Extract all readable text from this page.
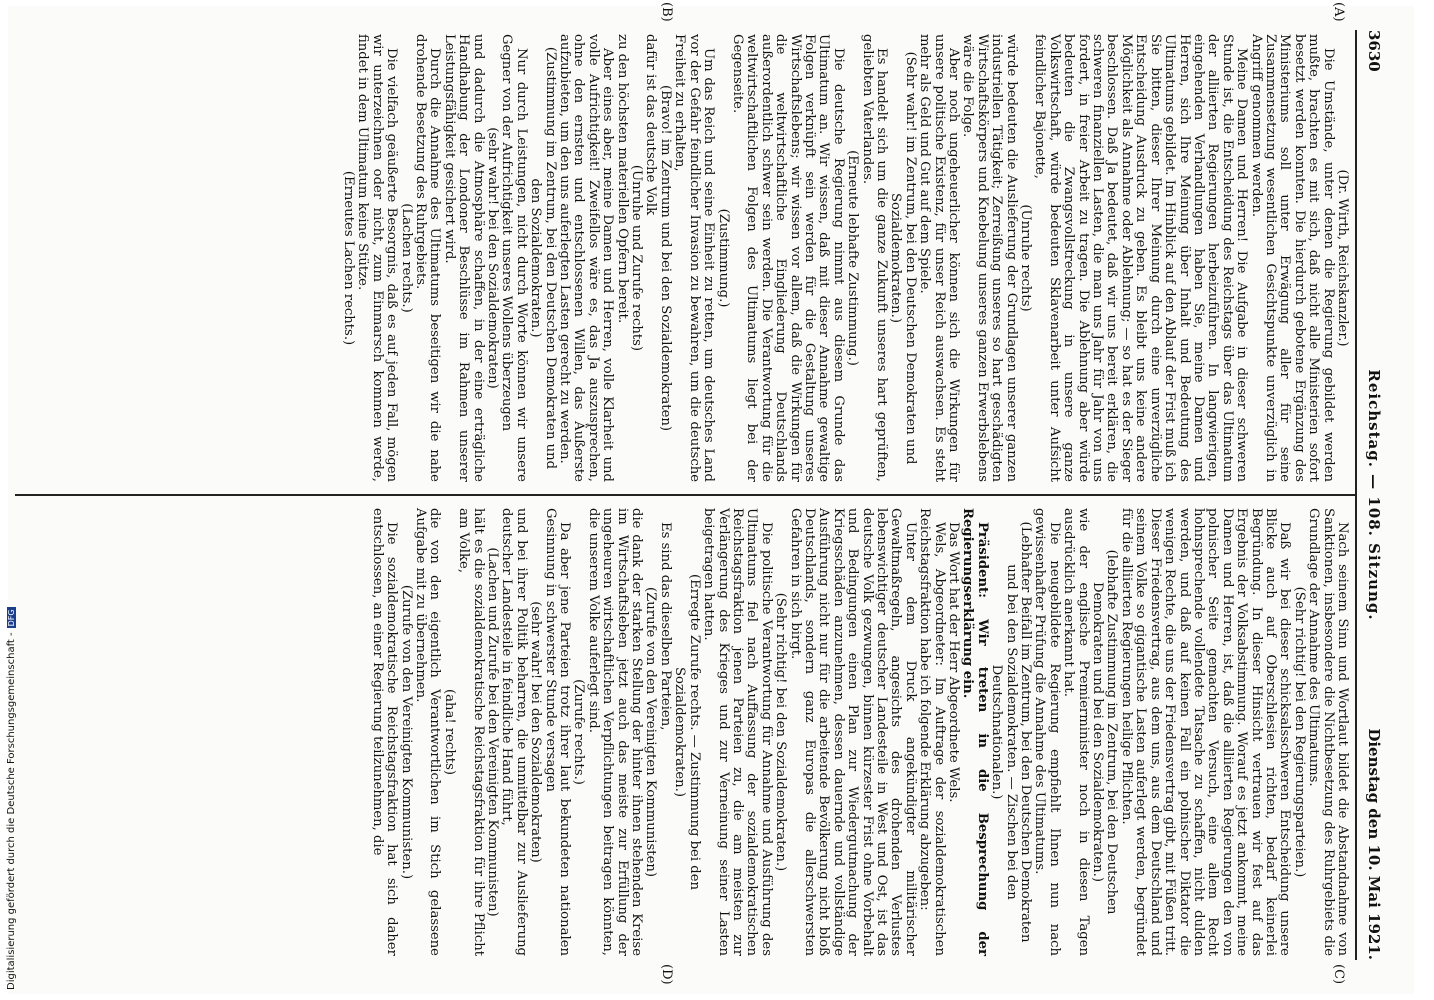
3630
Reichstag. — 108. Sitzung.
Dienstag den 10. Mai 1921.
(A)
(B)
(C)
(D)

(Dr. Wirth, Reichskanzler.)

Die Umstände, unter denen die Regierung gebildet werden mußte, brachten es mit sich, daß nicht alle Ministerien sofort besetzt werden konnten. Die hierdurch gebotene Ergänzung des Ministeriums soll unter Erwägung aller für seine Zusammensetzung wesentlichen Gesichtspunkte unverzüglich in Angriff genommen werden.

Meine Damen und Herren! Die Aufgabe in dieser schweren Stunde ist, die Entscheidung des Reichstags über das Ultimatum der alliierten Regierungen herbeizuführen. In langwierigen, eingehenden Verhandlungen haben Sie, meine Damen und Herren, sich Ihre Meinung über Inhalt und Bedeutung des Ultimatums gebildet. Im Hinblick auf den Ablauf der Frist muß ich Sie bitten, dieser Ihrer Meinung durch eine unverzügliche Entscheidung Ausdruck zu geben. Es bleibt uns keine andere Möglichkeit als Annahme oder Ablehnung; — so hat es der Sieger beschlossen. Daß Ja bedeutet, daß wir uns bereit erklären, die schweren finanziellen Lasten, die man uns Jahr für Jahr von uns fordert, in freier Arbeit zu tragen. Die Ablehnung aber würde bedeuten die Zwangsvollstreckung in unsere ganze Volkswirtschaft, würde bedeuten Sklavenarbeit unter Aufsicht feindlicher Bajonette,

(Unruhe rechts)

würde bedeuten die Auslieferung der Grundlagen unserer ganzen industriellen Tätigkeit; Zerreißung unseres so hart geschädigten Wirtschaftskörpers und Knebelung unseres ganzen Erwerbslebens wäre die Folge.

Aber noch ungeheuerlicher können sich die Wirkungen für unsere politische Existenz, für unser Reich auswachsen. Es steht mehr als Geld und Gut auf dem Spiele.

(Sehr wahr! im Zentrum, bei den Deutschen Demokraten und Sozialdemokraten.)

Es handelt sich um die ganze Zukunft unseres hart geprüften, geliebten Vaterlandes.

(Erneute lebhafte Zustimmung.)

Die deutsche Regierung nimmt aus diesem Grunde das Ultimatum an. Wir wissen, daß mit dieser Annahme gewaltige Folgen verknüpft sein werden für die Gestaltung unseres Wirtschaftslebens; wir wissen vor allem, daß die Wirkungen für die weltwirtschaftliche Eingliederung Deutschlands außerordentlich schwer sein werden. Die Verantwortung für die weltwirtschaftlichen Folgen des Ultimatums liegt bei der Gegenseite.

(Zustimmung.)

Um das Reich und seine Einheit zu retten, um deutsches Land vor der Gefahr feindlicher Invasion zu bewahren, um die deutsche Freiheit zu erhalten,

(Bravo! im Zentrum und bei den Sozialdemokraten)

dafür ist das deutsche Volk

(Unruhe und Zurufe rechts)

zu den höchsten materiellen Opfern bereit.

Aber eines aber, meine Damen und Herren, volle Klarheit und volle Aufrichtigkeit! Zweifellos wäre es, das Ja auszusprechen, ohne den ernsten und entschlossenen Willen, das Äußerste aufzubieten, um den uns auferlegten Lasten gerecht zu werden.

(Zustimmung im Zentrum, bei den Deutschen Demokraten und den Sozialdemokraten.)

Nur durch Leistungen, nicht durch Worte können wir unsere Gegner von der Aufrichtigkeit unseres Wollens überzeugen

(sehr wahr! bei den Sozialdemokraten)

und dadurch die Atmosphäre schaffen, in der eine erträgliche Handhabung der Londoner Beschlüsse im Rahmen unserer Leistungsfähigkeit gesichert wird.

Durch die Annahme des Ultimatums beseitigen wir die nahe drohende Besetzung des Ruhrgebiets.

(Lachen rechts.)

Die vielfach geäußerte Besorgnis, daß es auf jeden Fall, mögen wir unterzeichnen oder nicht, zum Einmarsch kommen werde, findet in dem Ultimatum keine Stütze.

(Erneutes Lachen rechts.)

Nach seinem Sinn und Wortlaut bildet die Abstandnahme von Sanktionen, insbesondere die Nichtbesetzung des Ruhrgebiets die Grundlage der Annahme des Ultimatums.

(Sehr richtig! bei den Regierungsparteien.)

Daß wir bei dieser schicksalsschweren Entscheidung unsere Blicke auch auf Oberschlesien richten, bedarf keinerlei Begründung. In dieser Hinsicht vertrauen wir fest auf das Ergebnis der Volksabstimmung. Worauf es jetzt ankommt, meine Damen und Herren, ist, daß die alliierten Regierungen den von polnischer Seite gemachten Versuch, eine allem Recht hohnsprechende vollendete Tatsache zu schaffen, nicht dulden werden, und daß auf keinen Fall ein polnischer Diktator die wenigen Rechte, die uns der Friedensvertrag gibt, mit Füßen tritt. Dieser Friedensvertrag, aus dem uns, aus dem Deutschland und seinem Volke so gigantische Lasten auferlegt werden, begründet für die alliierten Regierungen heilige Pflichten.

(lebhafte Zustimmung im Zentrum, bei den Deutschen Demokraten und bei den Sozialdemokraten.)

wie der englische Premierminister noch in diesen Tagen ausdrücklich anerkannt hat.

Die neugebildete Regierung empfiehlt Ihnen nun nach gewissenhafter Prüfung die Annahme des Ultimatums.

(Lebhafter Beifall im Zentrum, bei den Deutschen Demokraten und bei den Sozialdemokraten. — Zischen bei den Deutschnationalen.)

Präsident: Wir treten in die Besprechung der Regierungserklärung ein.

Das Wort hat der Herr Abgeordnete Wels.

Wels, Abgeordneter: Im Auftrage der sozialdemokratischen Reichstagsfraktion habe ich folgende Erklärung abzugeben:

Unter dem Druck angekündigter militärischer Gewaltmaßregeln, angesichts des drohenden Verlustes lebenswichtiger deutscher Landesteile in West und Ost, ist das deutsche Volk gezwungen, binnen kürzester Frist ohne Vorbehalt und Bedingungen einen Plan zur Wiedergutmachung der Kriegsschäden anzunehmen, dessen dauernde und vollständige Ausführung nicht nur für die arbeitende Bevölkerung nicht bloß Deutschlands, sondern ganz Europas die allerschwersten Gefahren in sich birgt.

(Sehr richtig! bei den Sozialdemokraten.)

Die politische Verantwortung für Annahme und Ausführung des Ultimatums fiel nach Auffassung der sozialdemokratischen Reichstagsfraktion jenen Parteien zu, die am meisten zur Verlängerung des Krieges und zur Verneinung seiner Lasten beigetragen hatten.

(Erregte Zurufe rechts. — Zustimmung bei den Sozialdemokraten.)

Es sind das dieselben Parteien,

(Zurufe von den Vereinigten Kommunisten)

die dank der starken Stellung der hinter ihnen stehenden Kreise im Wirtschaftsleben jetzt auch das meiste zur Erfüllung der ungeheuren wirtschaftlichen Verpflichtungen beitragen könnten, die unserem Volke auferlegt sind.

(Zurufe rechts.)

Da aber jene Parteien trotz ihrer laut bekundeten nationalen Gesinnung in schwerster Stunde versagen

(sehr wahr! bei den Sozialdemokraten)

und bei ihrer Politik beharren, die unmittelbar zur Auslieferung deutscher Landesteile in feindliche Hand führt,

(Lachen und Zurufe bei den Vereinigten Kommunisten)

hält es die sozialdemokratische Reichstagsfraktion für ihre Pflicht am Volke,

(aha! rechts)

die von den eigentlich Verantwortlichen im Stich gelassene Aufgabe mit zu übernehmen.

(Zurufe von den Vereinigten Kommunisten.)

Die sozialdemokratische Reichstagsfraktion hat sich daher entschlossen, an einer Regierung teilzunehmen, die

Digitalisierung gefördert durch die Deutsche Forschungsgemeinschaft -DFG
